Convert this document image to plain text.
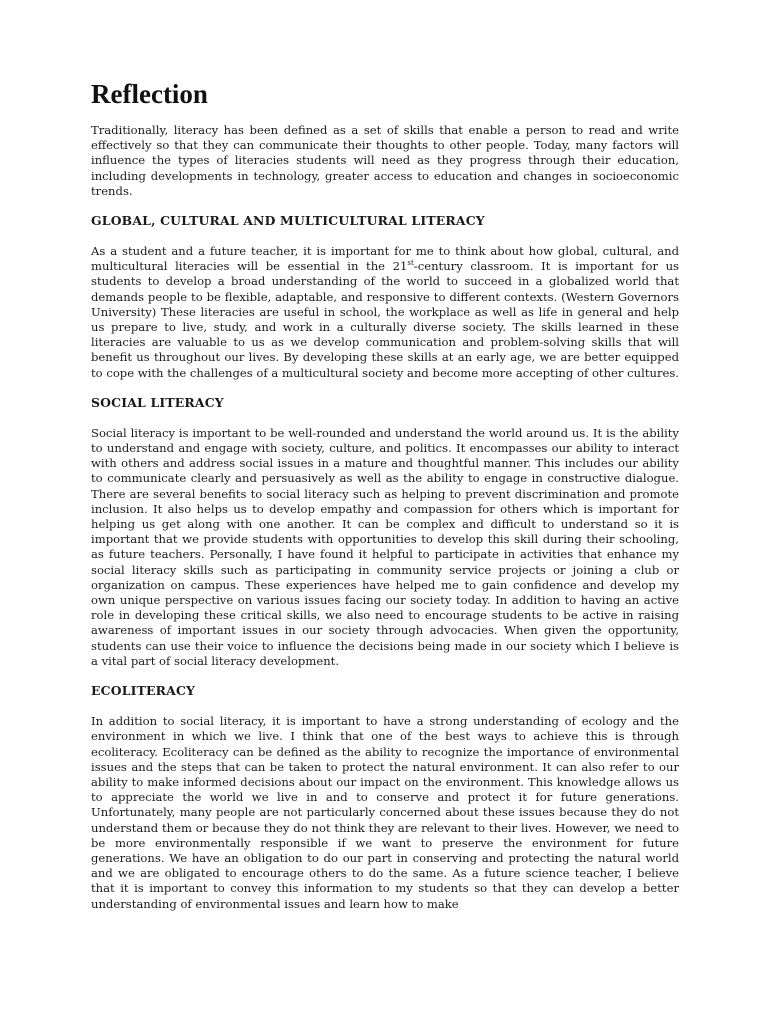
Reflection

Traditionally, literacy has been defined as a set of skills that enable a person to read and write effectively so that they can communicate their thoughts to other people. Today, many factors will influence the types of literacies students will need as they progress through their education, including developments in technology, greater access to education and changes in socioeconomic trends.

GLOBAL, CULTURAL AND MULTICULTURAL LITERACY

As a student and a future teacher, it is important for me to think about how global, cultural, and multicultural literacies will be essential in the 21st-century classroom. It is important for us students to develop a broad understanding of the world to succeed in a globalized world that demands people to be flexible, adaptable, and responsive to different contexts. (Western Governors University) These literacies are useful in school, the workplace as well as life in general and help us prepare to live, study, and work in a culturally diverse society. The skills learned in these literacies are valuable to us as we develop communication and problem-solving skills that will benefit us throughout our lives. By developing these skills at an early age, we are better equipped to cope with the challenges of a multicultural society and become more accepting of other cultures.

SOCIAL LITERACY

Social literacy is important to be well-rounded and understand the world around us. It is the ability to understand and engage with society, culture, and politics. It encompasses our ability to interact with others and address social issues in a mature and thoughtful manner. This includes our ability to communicate clearly and persuasively as well as the ability to engage in constructive dialogue. There are several benefits to social literacy such as helping to prevent discrimination and promote inclusion. It also helps us to develop empathy and compassion for others which is important for helping us get along with one another. It can be complex and difficult to understand so it is important that we provide students with opportunities to develop this skill during their schooling, as future teachers. Personally, I have found it helpful to participate in activities that enhance my social literacy skills such as participating in community service projects or joining a club or organization on campus. These experiences have helped me to gain confidence and develop my own unique perspective on various issues facing our society today. In addition to having an active role in developing these critical skills, we also need to encourage students to be active in raising awareness of important issues in our society through advocacies. When given the opportunity, students can use their voice to influence the decisions being made in our society which I believe is a vital part of social literacy development.

ECOLITERACY

In addition to social literacy, it is important to have a strong understanding of ecology and the environment in which we live. I think that one of the best ways to achieve this is through ecoliteracy. Ecoliteracy can be defined as the ability to recognize the importance of environmental issues and the steps that can be taken to protect the natural environment. It can also refer to our ability to make informed decisions about our impact on the environment. This knowledge allows us to appreciate the world we live in and to conserve and protect it for future generations. Unfortunately, many people are not particularly concerned about these issues because they do not understand them or because they do not think they are relevant to their lives. However, we need to be more environmentally responsible if we want to preserve the environment for future generations. We have an obligation to do our part in conserving and protecting the natural world and we are obligated to encourage others to do the same. As a future science teacher, I believe that it is important to convey this information to my students so that they can develop a better understanding of environmental issues and learn how to make
